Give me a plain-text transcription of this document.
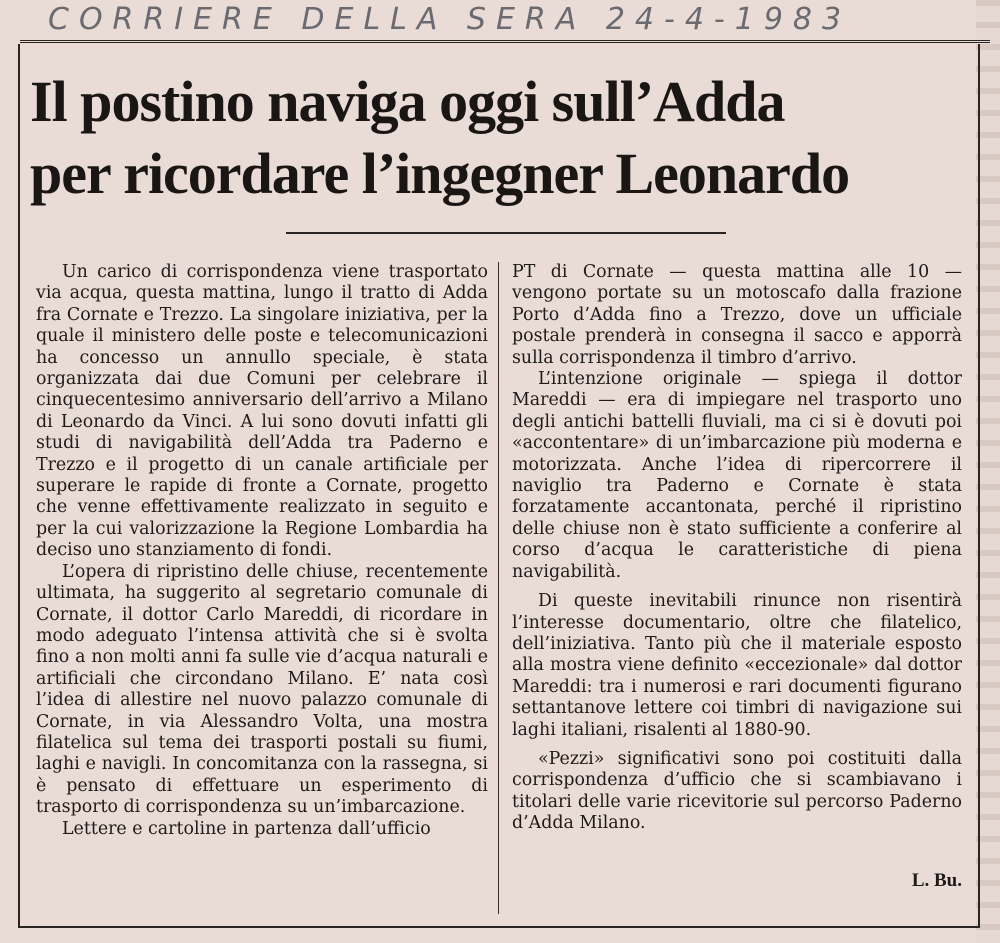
CORRIERE DELLA SERA 24-4-1983
Il postino naviga oggi sull’Adda
per ricordare l’ingegner Leonardo

Un carico di corrispondenza viene trasportato via acqua, questa mattina, lungo il tratto di Adda fra Cornate e Trezzo. La singolare iniziativa, per la quale il ministero delle poste e telecomunicazioni ha concesso un annullo speciale, è stata organizzata dai due Comuni per celebrare il cinquecentesimo anniversario dell’arrivo a Milano di Leonardo da Vinci. A lui sono dovuti infatti gli studi di navigabilità dell’Adda tra Paderno e Trezzo e il progetto di un canale artificiale per superare le rapide di fronte a Cornate, progetto che venne effettivamente realizzato in seguito e per la cui valorizzazione la Regione Lombardia ha deciso uno stanziamento di fondi.

L’opera di ripristino delle chiuse, recentemente ultimata, ha suggerito al segretario comunale di Cornate, il dottor Carlo Mareddi, di ricordare in modo adeguato l’intensa attività che si è svolta fino a non molti anni fa sulle vie d’acqua naturali e artificiali che circondano Milano. E’ nata così l’idea di allestire nel nuovo palazzo comunale di Cornate, in via Alessandro Volta, una mostra filatelica sul tema dei trasporti postali su fiumi, laghi e navigli. In concomitanza con la rassegna, si è pensato di effettuare un esperimento di trasporto di corrispondenza su un’imbarcazione.

Lettere e cartoline in partenza dall’ufficio

PT di Cornate — questa mattina alle 10 — vengono portate su un motoscafo dalla frazione Porto d’Adda fino a Trezzo, dove un ufficiale postale prenderà in consegna il sacco e apporrà sulla corrispondenza il timbro d’arrivo.

L’intenzione originale — spiega il dottor Mareddi — era di impiegare nel trasporto uno degli antichi battelli fluviali, ma ci si è dovuti poi «accontentare» di un’imbarcazione più moderna e motorizzata. Anche l’idea di ripercorrere il naviglio tra Paderno e Cornate è stata forzatamente accantonata, perché il ripristino delle chiuse non è stato sufficiente a conferire al corso d’acqua le caratteristiche di piena navigabilità.

Di queste inevitabili rinunce non risentirà l’interesse documentario, oltre che filatelico, dell’iniziativa. Tanto più che il materiale esposto alla mostra viene definito «eccezionale» dal dottor Mareddi: tra i numerosi e rari documenti figurano settantanove lettere coi timbri di navigazione sui laghi italiani, risalenti al 1880-90.

«Pezzi» significativi sono poi costituiti dalla corrispondenza d’ufficio che si scambiavano i titolari delle varie ricevitorie sul percorso Paderno d’Adda Milano.

L. Bu.
